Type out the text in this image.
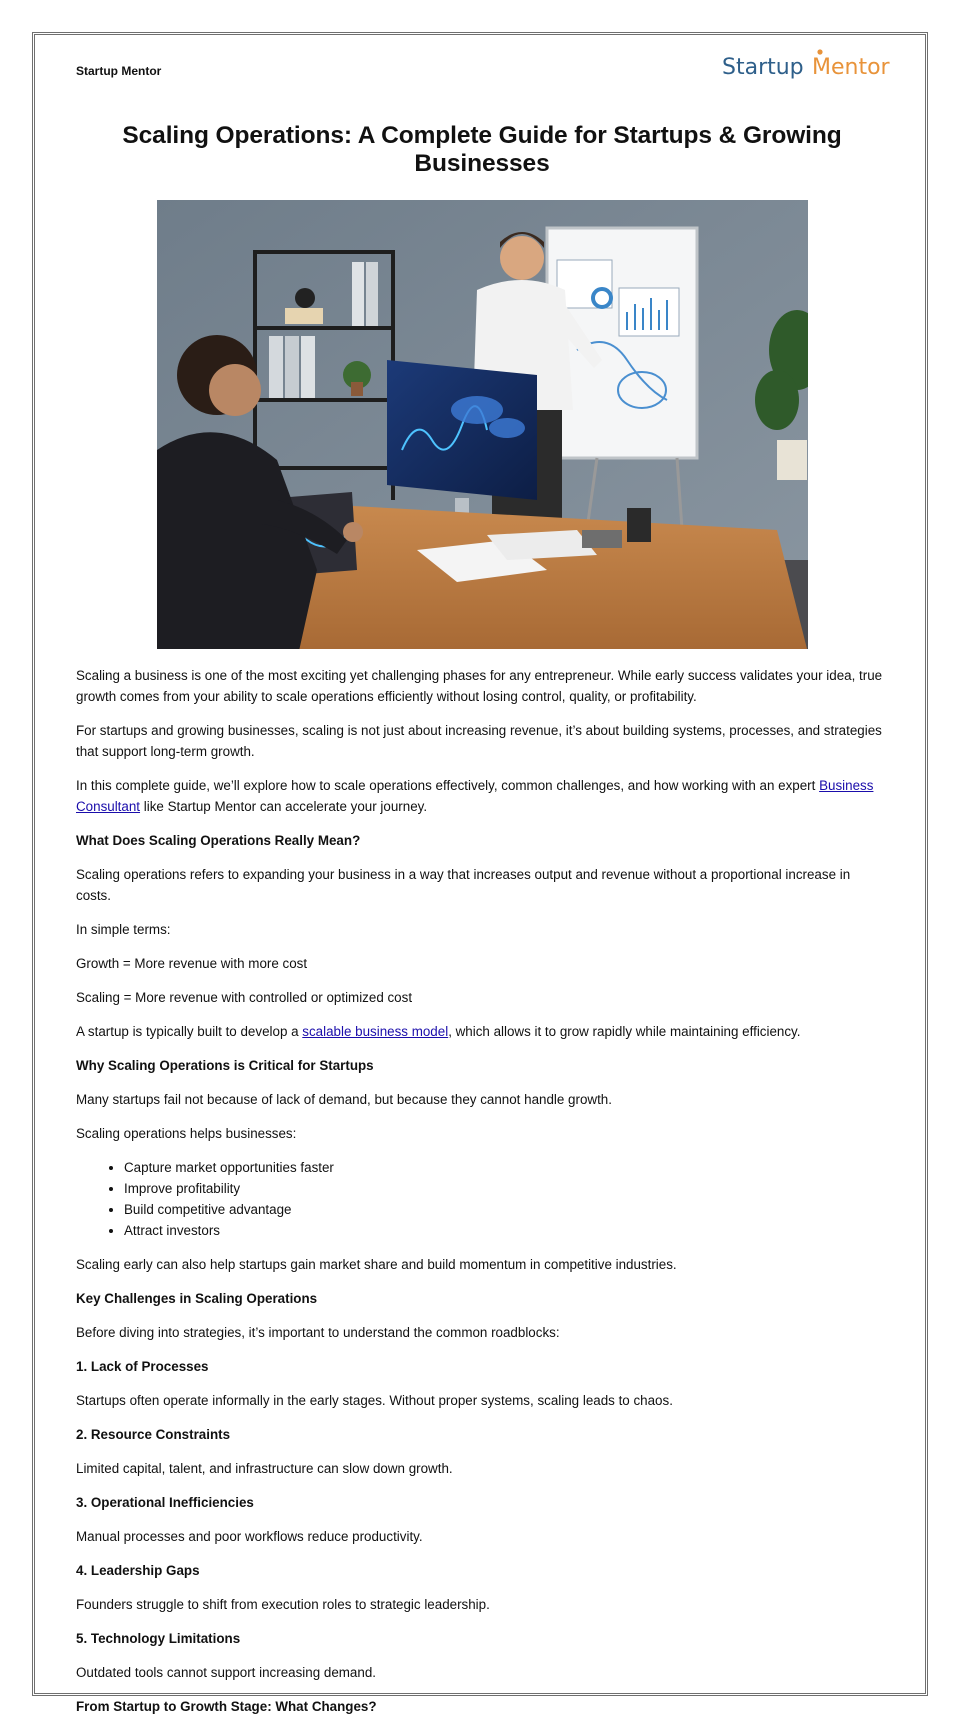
Startup Mentor	Startup Mentor
Scaling Operations: A Complete Guide for Startups & Growing Businesses

Scaling a business is one of the most exciting yet challenging phases for any entrepreneur. While early success validates your idea, true growth comes from your ability to scale operations efficiently without losing control, quality, or profitability.

For startups and growing businesses, scaling is not just about increasing revenue, it’s about building systems, processes, and strategies that support long-term growth.

In this complete guide, we’ll explore how to scale operations effectively, common challenges, and how working with an expert Business Consultant like Startup Mentor can accelerate your journey.

What Does Scaling Operations Really Mean?

Scaling operations refers to expanding your business in a way that increases output and revenue without a proportional increase in costs.

In simple terms:

Growth = More revenue with more cost

Scaling = More revenue with controlled or optimized cost

A startup is typically built to develop a scalable business model, which allows it to grow rapidly while maintaining efficiency.

Why Scaling Operations is Critical for Startups

Many startups fail not because of lack of demand, but because they cannot handle growth.

Scaling operations helps businesses:

• Capture market opportunities faster
• Improve profitability
• Build competitive advantage
• Attract investors

Scaling early can also help startups gain market share and build momentum in competitive industries.

Key Challenges in Scaling Operations

Before diving into strategies, it’s important to understand the common roadblocks:

1. Lack of Processes

Startups often operate informally in the early stages. Without proper systems, scaling leads to chaos.

2. Resource Constraints

Limited capital, talent, and infrastructure can slow down growth.

3. Operational Inefficiencies

Manual processes and poor workflows reduce productivity.

4. Leadership Gaps

Founders struggle to shift from execution roles to strategic leadership.

5. Technology Limitations

Outdated tools cannot support increasing demand.

From Startup to Growth Stage: What Changes?
